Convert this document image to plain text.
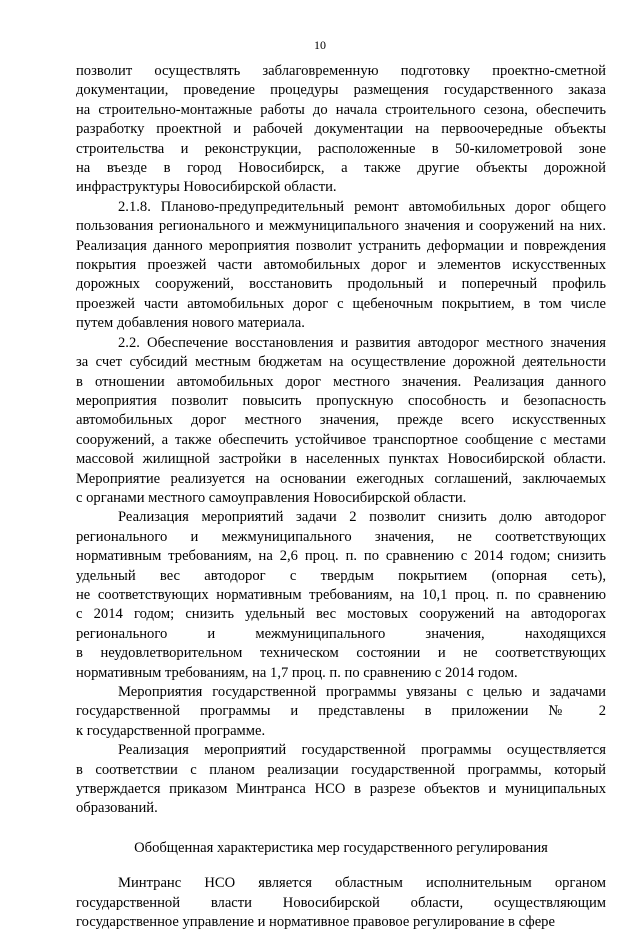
10
позволит осуществлять заблаговременную подготовку проектно-сметной
документации, проведение процедуры размещения государственного заказа
на строительно-монтажные работы до начала строительного сезона, обеспечить
разработку проектной и рабочей документации на первоочередные объекты
строительства и реконструкции, расположенные в 50-километровой зоне
на въезде в город Новосибирск, а также другие объекты дорожной
инфраструктуры Новосибирской области.
2.1.8. Планово-предупредительный ремонт автомобильных дорог общего
пользования регионального и межмуниципального значения и сооружений на них.
Реализация данного мероприятия позволит устранить деформации и повреждения
покрытия проезжей части автомобильных дорог и элементов искусственных
дорожных сооружений, восстановить продольный и поперечный профиль
проезжей части автомобильных дорог с щебеночным покрытием, в том числе
путем добавления нового материала.
2.2. Обеспечение восстановления и развития автодорог местного значения
за счет субсидий местным бюджетам на осуществление дорожной деятельности
в отношении автомобильных дорог местного значения. Реализация данного
мероприятия позволит повысить пропускную способность и безопасность
автомобильных дорог местного значения, прежде всего искусственных
сооружений, а также обеспечить устойчивое транспортное сообщение с местами
массовой жилищной застройки в населенных пунктах Новосибирской области.
Мероприятие реализуется на основании ежегодных соглашений, заключаемых
с органами местного самоуправления Новосибирской области.
Реализация мероприятий задачи 2 позволит снизить долю автодорог
регионального и межмуниципального значения, не соответствующих
нормативным требованиям, на 2,6 проц. п. по сравнению с 2014 годом; снизить
удельный вес автодорог с твердым покрытием (опорная сеть),
не соответствующих нормативным требованиям, на 10,1 проц. п. по сравнению
с 2014 годом; снизить удельный вес мостовых сооружений на автодорогах
регионального и межмуниципального значения, находящихся
в неудовлетворительном техническом состоянии и не соответствующих
нормативным требованиям, на 1,7 проц. п. по сравнению с 2014 годом.
Мероприятия государственной программы увязаны с целью и задачами
государственной программы и представлены в приложении № 2
к государственной программе.
Реализация мероприятий государственной программы осуществляется
в соответствии с планом реализации государственной программы, который
утверждается приказом Минтранса НСО в разрезе объектов и муниципальных
образований.
Обобщенная характеристика мер государственного регулирования
Минтранс НСО является областным исполнительным органом
государственной власти Новосибирской области, осуществляющим
государственное управление и нормативное правовое регулирование в сфере
